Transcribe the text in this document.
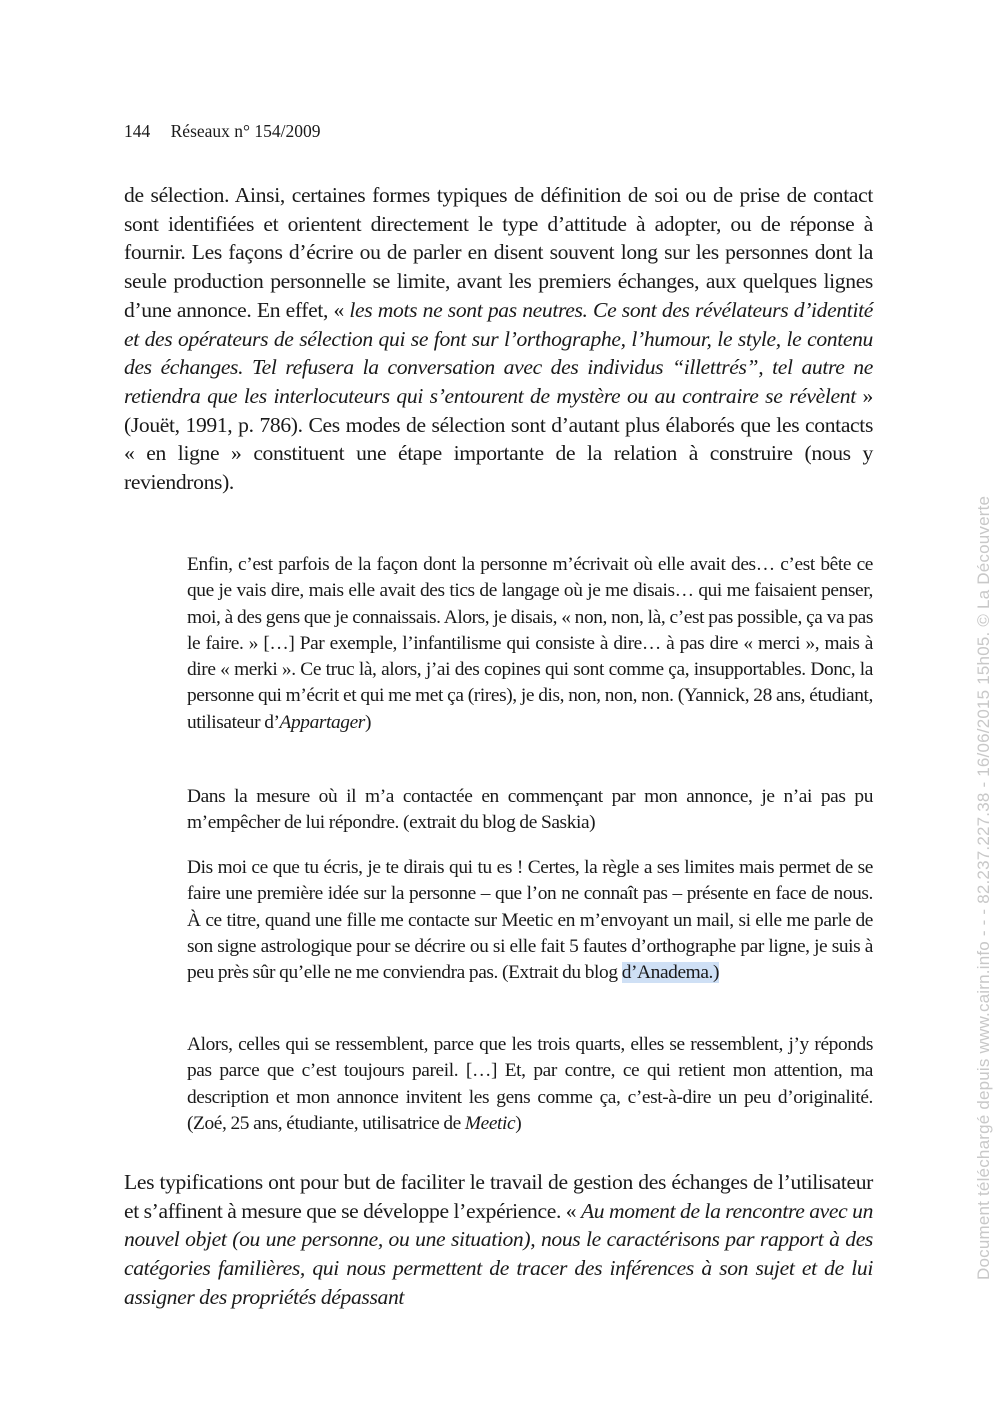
144 Réseaux n° 154/2009

de sélection. Ainsi, certaines formes typiques de définition de soi ou de prise de contact sont identifiées et orientent directement le type d’attitude à adopter, ou de réponse à fournir. Les façons d’écrire ou de parler en disent souvent long sur les personnes dont la seule production personnelle se limite, avant les premiers échanges, aux quelques lignes d’une annonce. En effet, « les mots ne sont pas neutres. Ce sont des révélateurs d’identité et des opérateurs de sélection qui se font sur l’orthographe, l’humour, le style, le contenu des échanges. Tel refusera la conversation avec des individus “illettrés”, tel autre ne retiendra que les interlocuteurs qui s’entourent de mystère ou au contraire se révèlent » (Jouët, 1991, p. 786). Ces modes de sélection sont d’autant plus élaborés que les contacts « en ligne » constituent une étape importante de la relation à construire (nous y reviendrons).

Enfin, c’est parfois de la façon dont la personne m’écrivait où elle avait des… c’est bête ce que je vais dire, mais elle avait des tics de langage où je me disais… qui me faisaient penser, moi, à des gens que je connaissais. Alors, je disais, « non, non, là, c’est pas possible, ça va pas le faire. » […] Par exemple, l’infantilisme qui consiste à dire… à pas dire « merci », mais à dire « merki ». Ce truc là, alors, j’ai des copines qui sont comme ça, insupportables. Donc, la personne qui m’écrit et qui me met ça (rires), je dis, non, non, non. (Yannick, 28 ans, étudiant, utilisateur d’Appartager)

Dans la mesure où il m’a contactée en commençant par mon annonce, je n’ai pas pu m’empêcher de lui répondre. (extrait du blog de Saskia)

Dis moi ce que tu écris, je te dirais qui tu es ! Certes, la règle a ses limites mais permet de se faire une première idée sur la personne – que l’on ne connaît pas – présente en face de nous. À ce titre, quand une fille me contacte sur Meetic en m’envoyant un mail, si elle me parle de son signe astrologique pour se décrire ou si elle fait 5 fautes d’orthographe par ligne, je suis à peu près sûr qu’elle ne me conviendra pas. (Extrait du blog d’Anadema.)

Alors, celles qui se ressemblent, parce que les trois quarts, elles se ressemblent, j’y réponds pas parce que c’est toujours pareil. […] Et, par contre, ce qui retient mon attention, ma description et mon annonce invitent les gens comme ça, c’est-à-dire un peu d’originalité. (Zoé, 25 ans, étudiante, utilisatrice de Meetic)

Les typifications ont pour but de faciliter le travail de gestion des échanges de l’utilisateur et s’affinent à mesure que se développe l’expérience. « Au moment de la rencontre avec un nouvel objet (ou une personne, ou une situation), nous le caractérisons par rapport à des catégories familières, qui nous permettent de tracer des inférences à son sujet et de lui assigner des propriétés dépassant

Document téléchargé depuis www.cairn.info - - - 82.237.227.38 - 16/06/2015 15h05. © La Découverte
